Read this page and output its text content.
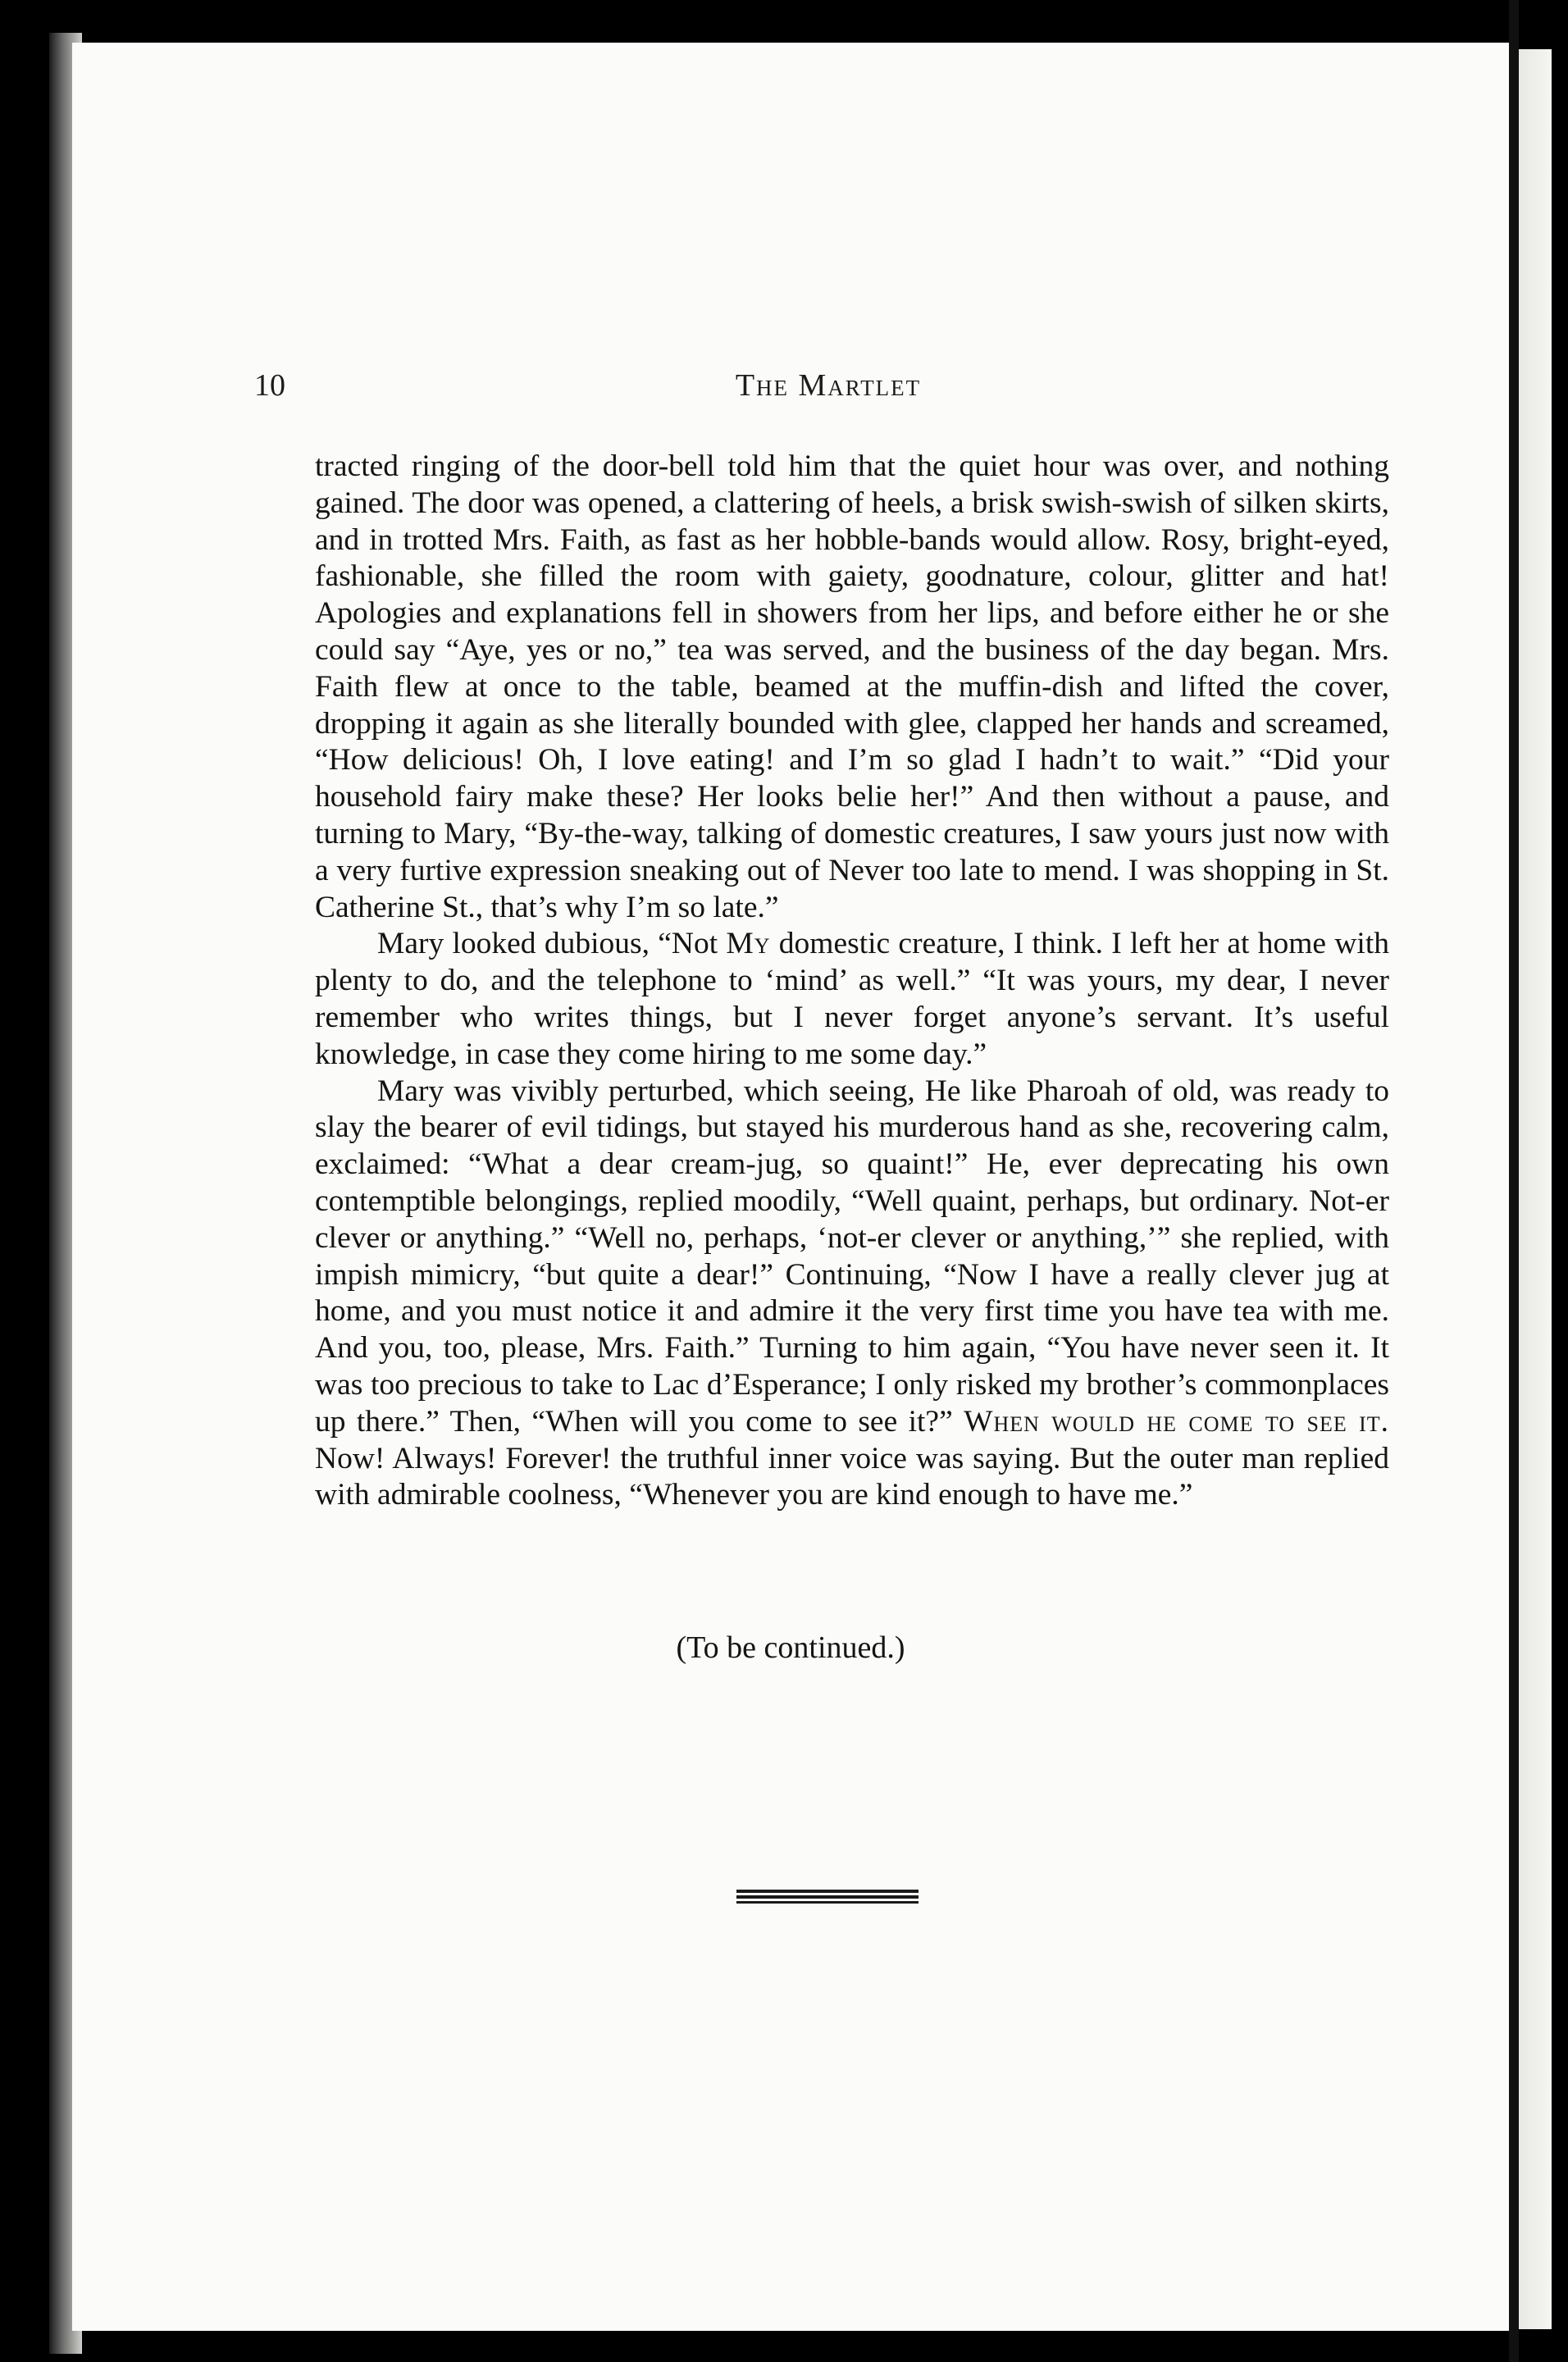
10	The Martlet

tracted ringing of the door-bell told him that the quiet hour was over, and nothing gained. The door was opened, a clattering of heels, a brisk swish-swish of silken skirts, and in trotted Mrs. Faith, as fast as her hobble-bands would allow. Rosy, bright-eyed, fashionable, she filled the room with gaiety, goodnature, colour, glitter and hat! Apologies and explanations fell in showers from her lips, and before either he or she could say “Aye, yes or no,” tea was served, and the business of the day began. Mrs. Faith flew at once to the table, beamed at the muffin-dish and lifted the cover, dropping it again as she literally bounded with glee, clapped her hands and screamed, “How delicious! Oh, I love eating! and I’m so glad I hadn’t to wait.” “Did your household fairy make these? Her looks belie her!” And then without a pause, and turning to Mary, “By-the-way, talking of domestic creatures, I saw yours just now with a very furtive expression sneaking out of Never too late to mend. I was shopping in St. Catherine St., that’s why I’m so late.”

Mary looked dubious, “Not My domestic creature, I think. I left her at home with plenty to do, and the telephone to ‘mind’ as well.” “It was yours, my dear, I never remember who writes things, but I never forget anyone’s servant. It’s useful knowledge, in case they come hiring to me some day.”

Mary was vivibly perturbed, which seeing, He like Pharoah of old, was ready to slay the bearer of evil tidings, but stayed his murderous hand as she, recovering calm, exclaimed: “What a dear cream-jug, so quaint!” He, ever deprecating his own contemptible belongings, replied moodily, “Well quaint, perhaps, but ordinary. Not-er clever or anything.” “Well no, perhaps, ‘not-er clever or anything,’” she replied, with impish mimicry, “but quite a dear!” Continuing, “Now I have a really clever jug at home, and you must notice it and admire it the very first time you have tea with me. And you, too, please, Mrs. Faith.” Turning to him again, “You have never seen it. It was too precious to take to Lac d’Esperance; I only risked my brother’s commonplaces up there.” Then, “When will you come to see it?” When would he come to see it. Now! Always! Forever! the truthful inner voice was saying. But the outer man replied with admirable coolness, “Whenever you are kind enough to have me.”

(To be continued.)
